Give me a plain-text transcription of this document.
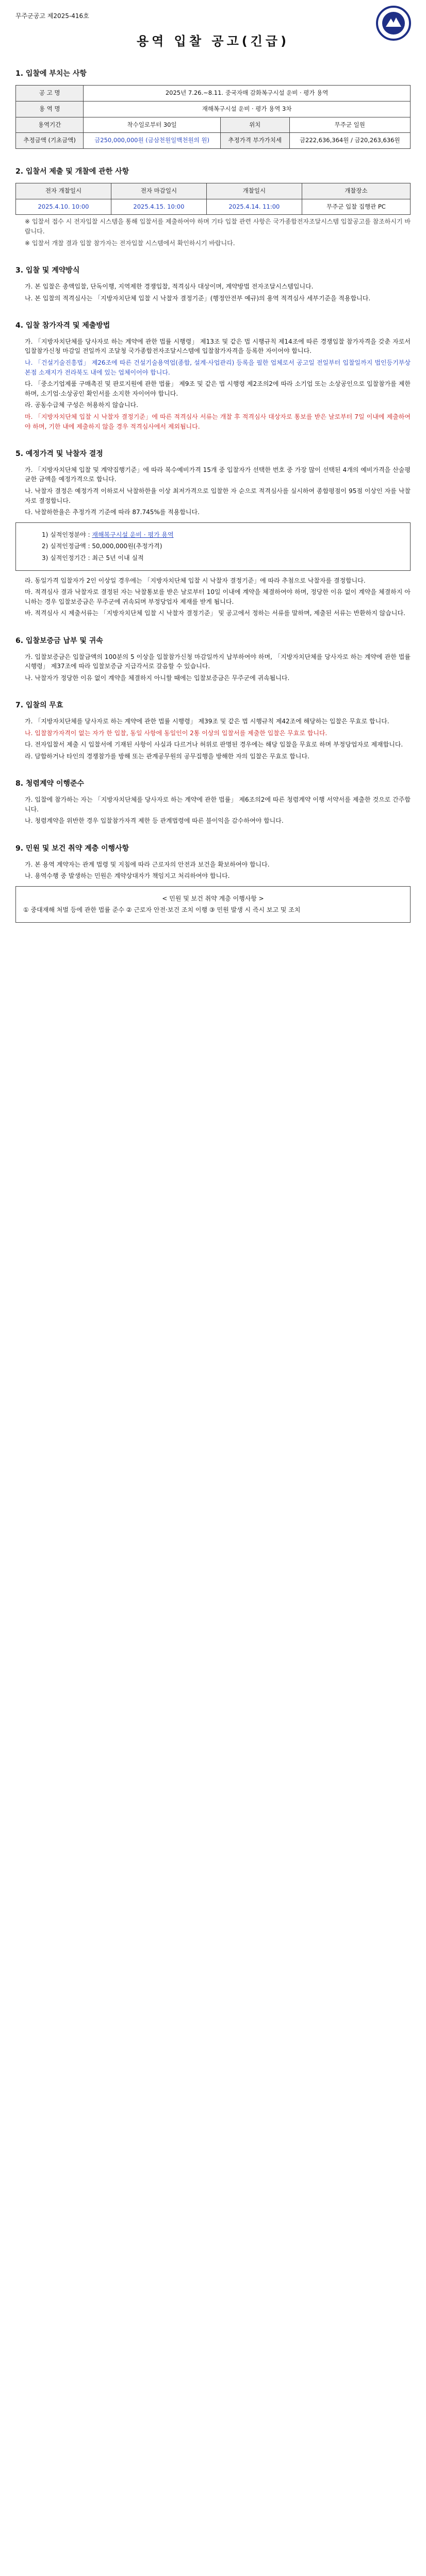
무주군공고 제2025-416호
용역 입찰 공고(긴급)
1. 입찰에 부치는 사항
공 고 명	2025년 7.26.~8.11. 중국자매 감화복구시설 운비 · 평가 용역		
용 역 명	재해복구시설 운비 · 평가 용역 3차		
용역기간	착수일로부터 30일	위치	무주군 일원
추정금액 (기초금액)	금250,000,000원 (금삼천원일백천원의 원)	추정가격 부가가치세	금222,636,364원 / 금20,263,636원
2. 입찰서 제출 및 개찰에 관한 사항
전자 개찰일시	전자 마감일시	개찰일시	개찰장소
2025.4.10. 10:00	2025.4.15. 10:00	2025.4.14. 11:00	무주군 입찰 집행관 PC

※ 입찰서 접수 시 전자입찰 시스템을 통해 입찰서를 제출하여야 하며 기타 입찰 관련 사항은 국가종합전자조달시스템 입찰공고를 참조하시기 바랍니다.

※ 입찰서 개찰 결과 입찰 참가자는 전자입찰 시스템에서 확인하시기 바랍니다.

3. 입찰 및 계약방식

가. 본 입찰은 총액입찰, 단독이행, 지역제한 경쟁입찰, 적격심사 대상이며, 계약방법 전자조달시스템입니다.

나. 본 입찰의 적격심사는 「지방자치단체 입찰 시 낙찰자 결정기준」(행정안전부 예규)의 용역 적격심사 세부기준을 적용합니다.

4. 입찰 참가자격 및 제출방법

가. 「지방자치단체를 당사자로 하는 계약에 관한 법률 시행령」 제13조 및 같은 법 시행규칙 제14조에 따른 경쟁입찰 참가자격을 갖춘 자로서 입찰참가신청 마감일 전일까지 조달청 국가종합전자조달시스템에 입찰참가자격을 등록한 자이어야 합니다.

나. 「건설기술진흥법」 제26조에 따른 건설기술용역업(종합, 설계·사업관리) 등록을 필한 업체로서 공고일 전일부터 입찰일까지 법인등기부상 본점 소재지가 전라북도 내에 있는 업체이어야 합니다.

다. 「중소기업제품 구매촉진 및 판로지원에 관한 법률」 제9조 및 같은 법 시행령 제2조의2에 따라 소기업 또는 소상공인으로 입찰참가를 제한하며, 소기업·소상공인 확인서를 소지한 자이어야 합니다.

라. 공동수급체 구성은 허용하지 않습니다.

마. 「지방자치단체 입찰 시 낙찰자 결정기준」에 따른 적격심사 서류는 개찰 후 적격심사 대상자로 통보를 받은 날로부터 7일 이내에 제출하여야 하며, 기한 내에 제출하지 않을 경우 적격심사에서 제외됩니다.

5. 예정가격 및 낙찰자 결정

가. 「지방자치단체 입찰 및 계약집행기준」에 따라 복수예비가격 15개 중 입찰자가 선택한 번호 중 가장 많이 선택된 4개의 예비가격을 산술평균한 금액을 예정가격으로 합니다.

나. 낙찰자 결정은 예정가격 이하로서 낙찰하한율 이상 최저가격으로 입찰한 자 순으로 적격심사를 실시하여 종합평점이 95점 이상인 자를 낙찰자로 결정합니다.

다. 낙찰하한율은 추정가격 기준에 따라 87.745%를 적용합니다.

1) 실적인정분야 : 재해복구시설 운비 · 평가 용역

2) 실적인정금액 : 50,000,000원(추정가격)

3) 실적인정기간 : 최근 5년 이내 실적

라. 동일가격 입찰자가 2인 이상일 경우에는 「지방자치단체 입찰 시 낙찰자 결정기준」에 따라 추첨으로 낙찰자를 결정합니다.

마. 적격심사 결과 낙찰자로 결정된 자는 낙찰통보를 받은 날로부터 10일 이내에 계약을 체결하여야 하며, 정당한 이유 없이 계약을 체결하지 아니하는 경우 입찰보증금은 무주군에 귀속되며 부정당업자 제재를 받게 됩니다.

바. 적격심사 시 제출서류는 「지방자치단체 입찰 시 낙찰자 결정기준」 및 공고에서 정하는 서류를 말하며, 제출된 서류는 반환하지 않습니다.

6. 입찰보증금 납부 및 귀속

가. 입찰보증금은 입찰금액의 100분의 5 이상을 입찰참가신청 마감일까지 납부하여야 하며, 「지방자치단체를 당사자로 하는 계약에 관한 법률 시행령」 제37조에 따라 입찰보증금 지급각서로 갈음할 수 있습니다.

나. 낙찰자가 정당한 이유 없이 계약을 체결하지 아니할 때에는 입찰보증금은 무주군에 귀속됩니다.

7. 입찰의 무효

가. 「지방자치단체를 당사자로 하는 계약에 관한 법률 시행령」 제39조 및 같은 법 시행규칙 제42조에 해당하는 입찰은 무효로 합니다.

나. 입찰참가자격이 없는 자가 한 입찰, 동일 사항에 동일인이 2통 이상의 입찰서를 제출한 입찰은 무효로 합니다.

다. 전자입찰서 제출 시 입찰서에 기재된 사항이 사실과 다르거나 허위로 판명된 경우에는 해당 입찰을 무효로 하며 부정당업자로 제재합니다.

라. 담합하거나 타인의 경쟁참가를 방해 또는 관계공무원의 공무집행을 방해한 자의 입찰은 무효로 합니다.

8. 청렴계약 이행준수

가. 입찰에 참가하는 자는 「지방자치단체를 당사자로 하는 계약에 관한 법률」 제6조의2에 따른 청렴계약 이행 서약서를 제출한 것으로 간주합니다.

나. 청렴계약을 위반한 경우 입찰참가자격 제한 등 관계법령에 따른 불이익을 감수하여야 합니다.

9. 민원 및 보건 취약 계층 이행사항

가. 본 용역 계약자는 관계 법령 및 지침에 따라 근로자의 안전과 보건을 확보하여야 합니다.

나. 용역수행 중 발생하는 민원은 계약상대자가 책임지고 처리하여야 합니다.

< 민원 및 보건 취약 계층 이행사항 >

① 중대재해 처벌 등에 관한 법률 준수 ② 근로자 안전·보건 조치 이행 ③ 민원 발생 시 즉시 보고 및 조치
